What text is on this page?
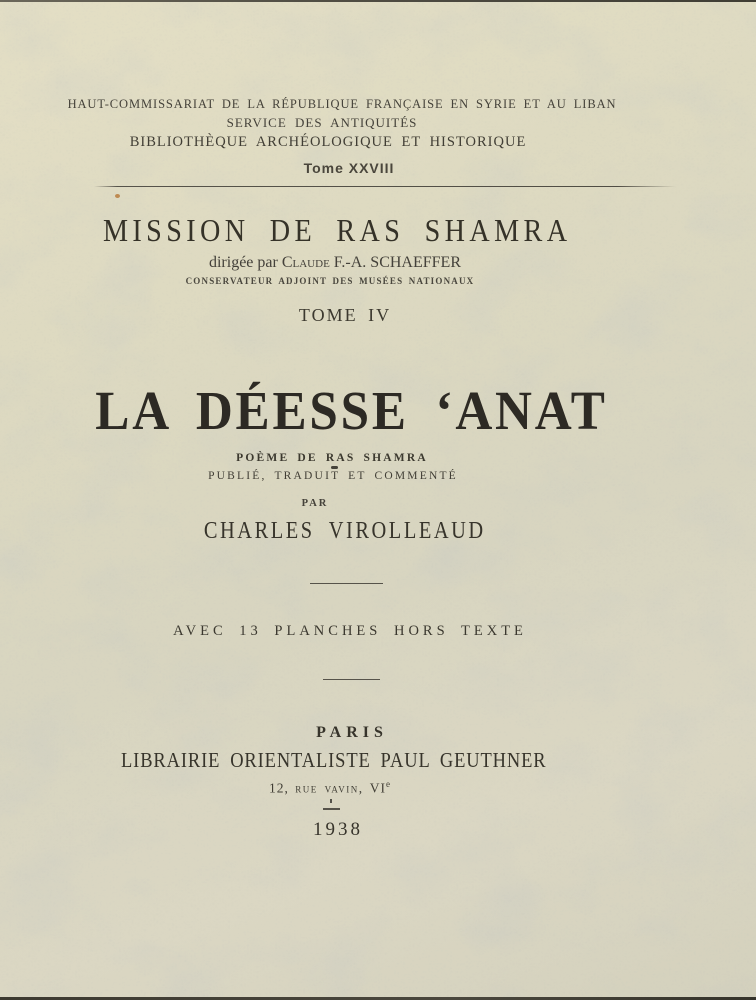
HAUT-COMMISSARIAT DE LA RÉPUBLIQUE FRANÇAISE EN SYRIE ET AU LIBAN
SERVICE DES ANTIQUITÉS
BIBLIOTHÈQUE ARCHÉOLOGIQUE ET HISTORIQUE
Tome XXVIII
MISSION DE RAS SHAMRA
dirigée par Claude F.-A. SCHAEFFER
CONSERVATEUR ADJOINT DES MUSÉES NATIONAUX
TOME IV
LA DÉESSE ‘ANAT
POÈME DE RAS SHAMRA
PUBLIÉ, TRADUIT ET COMMENTÉ
PAR
CHARLES VIROLLEAUD
AVEC 13 PLANCHES HORS TEXTE
PARIS
LIBRAIRIE ORIENTALISTE PAUL GEUTHNER
12, rue vavin, VIe
1938
